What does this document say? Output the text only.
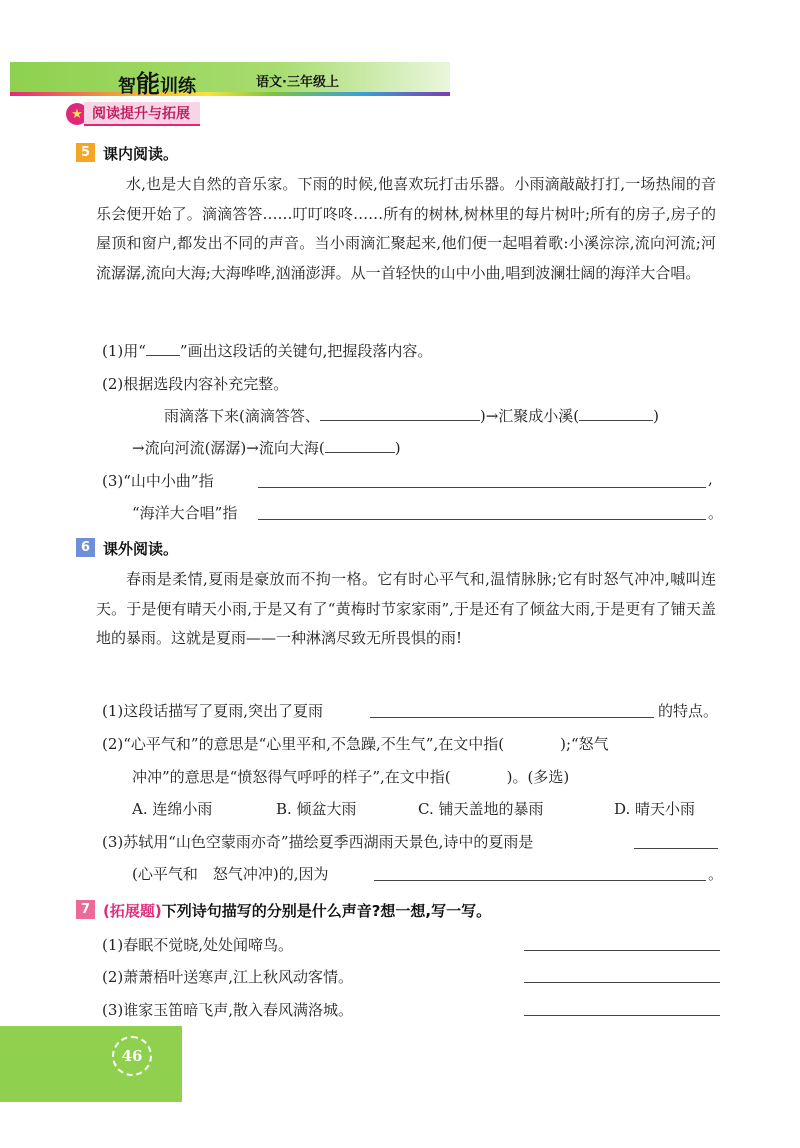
智能训练	语文·三年级上
★ 阅读提升与拓展
5 课内阅读。

水,也是大自然的音乐家。下雨的时候,他喜欢玩打击乐器。小雨滴敲敲打打,一场热闹的音乐会便开始了。滴滴答答……叮叮咚咚……所有的树林,树林里的每片树叶;所有的房子,房子的屋顶和窗户,都发出不同的声音。当小雨滴汇聚起来,他们便一起唱着歌:小溪淙淙,流向河流;河流潺潺,流向大海;大海哗哗,汹涌澎湃。从一首轻快的山中小曲,唱到波澜壮阔的海洋大合唱。

(1)用“ ”画出这段话的关键句,把握段落内容。
(2)根据选段内容补充完整。
雨滴落下来(滴滴答答、	)→汇聚成小溪(	)
→流向河流(潺潺)→流向大海(	)
(3)“山中小曲”指	,
“海洋大合唱”指	。
6 课外阅读。

春雨是柔情,夏雨是豪放而不拘一格。它有时心平气和,温情脉脉;它有时怒气冲冲,嘁叫连天。于是便有晴天小雨,于是又有了“黄梅时节家家雨”,于是还有了倾盆大雨,于是更有了铺天盖地的暴雨。这就是夏雨——一种淋漓尽致无所畏惧的雨!

(1)这段话描写了夏雨,突出了夏雨	的特点。
(2)“心平气和”的意思是“心里平和,不急躁,不生气”,在文中指(	);“怒气
冲冲”的意思是“愤怒得气呼呼的样子”,在文中指(	)。(多选)
A. 连绵小雨	B. 倾盆大雨	C. 铺天盖地的暴雨	D. 晴天小雨
(3)苏轼用“山色空蒙雨亦奇”描绘夏季西湖雨天景色,诗中的夏雨是
(心平气和　怒气冲冲)的,因为	。
7 (拓展题)下列诗句描写的分别是什么声音?想一想,写一写。
(1)春眠不觉晓,处处闻啼鸟。
(2)萧萧梧叶送寒声,江上秋风动客情。
(3)谁家玉笛暗飞声,散入春风满洛城。
46
